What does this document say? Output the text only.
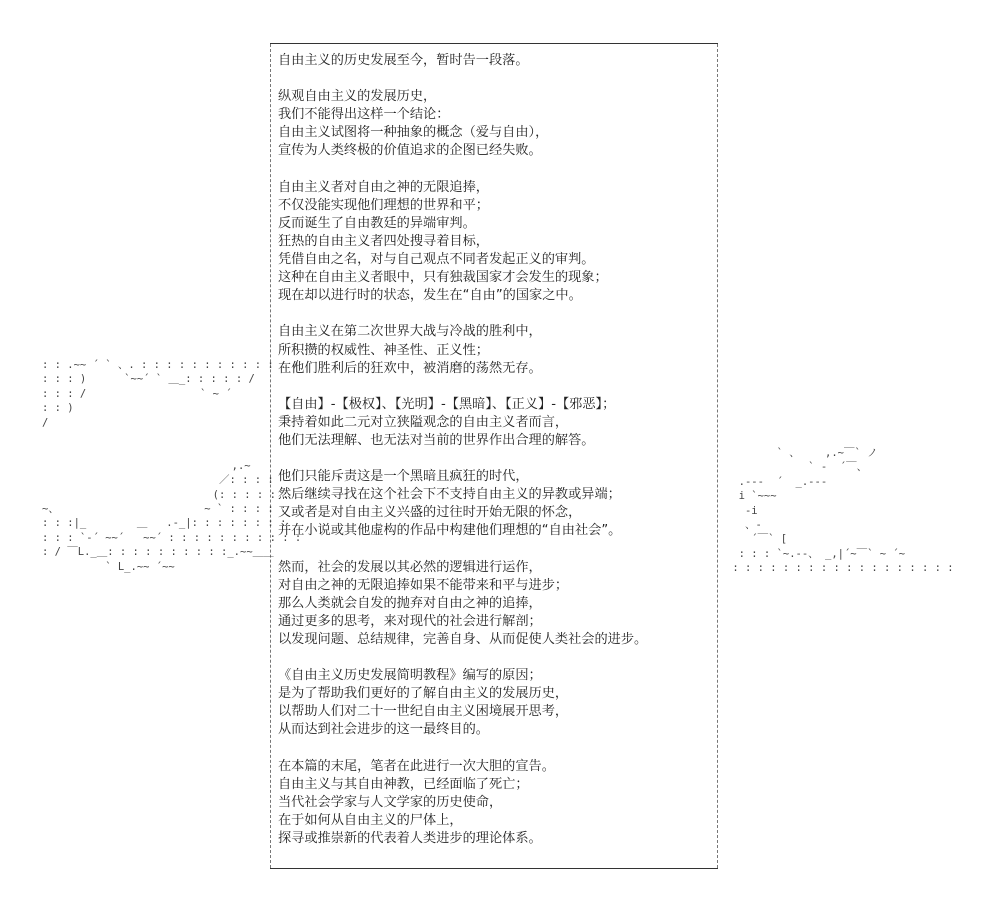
自由主义的历史发展至今，暂时告一段落。
纵观自由主义的发展历史，
我们不能得出这样一个结论：
自由主义试图将一种抽象的概念（爱与自由），
宣传为人类终极的价值追求的企图已经失败。
自由主义者对自由之神的无限追捧，
不仅没能实现他们理想的世界和平；
反而诞生了自由教廷的异端审判。
狂热的自由主义者四处搜寻着目标，
凭借自由之名，对与自己观点不同者发起正义的审判。
这种在自由主义者眼中，只有独裁国家才会发生的现象；
现在却以进行时的状态，发生在“自由”的国家之中。
自由主义在第二次世界大战与冷战的胜利中，
所积攒的权威性、神圣性、正义性；
在他们胜利后的狂欢中，被消磨的荡然无存。
【自由】-【极权】、【光明】-【黑暗】、【正义】-【邪恶】；
秉持着如此二元对立狭隘观念的自由主义者而言，
他们无法理解、也无法对当前的世界作出合理的解答。
他们只能斥责这是一个黑暗且疯狂的时代，
然后继续寻找在这个社会下不支持自由主义的异教或异端；
又或者是对自由主义兴盛的过往时开始无限的怀念，
并在小说或其他虚构的作品中构建他们理想的“自由社会”。
然而，社会的发展以其必然的逻辑进行运作，
对自由之神的无限追捧如果不能带来和平与进步；
那么人类就会自发的抛弃对自由之神的追捧，
通过更多的思考，来对现代的社会进行解剖；
以发现问题、总结规律，完善自身、从而促使人类社会的进步。
《自由主义历史发展简明教程》编写的原因；
是为了帮助我们更好的了解自由主义的发展历史，
以帮助人们对二十一世纪自由主义困境展开思考，
从而达到社会进步的这一最终目的。
在本篇的末尾，笔者在此进行一次大胆的宣告。
自由主义与其自由神教，已经面临了死亡；
当代社会学家与人文学家的历史使命，
在于如何从自由主义的尸体上，
探寻或推崇新的代表着人类进步的理论体系。
: : .~~ ´ ` 、. : : : : : : : : : : : : /
: : : )      `~~´ ` ＿_: : : : : /
: : : /                  ` ~ ´
: : )
/

,.~
／: : : :
(: : : : : :
~、                       ~ ` : : : : :
: : :|_        ＿   .-_|: : : : : : : :
: : : `-´ ~~´   ~~´ : : : : : : : : : : :
: / ￣L._＿: : : : : : : : : :_.~~＿＿
` L_.~~ ´~~
` 、    ,.~￣` ノ
` -  ´￣、
.---  ´  _.---
i `~~~
-i
、-
´￣` [
: : : `~.--、 _,|´~￣` ~ ´~
: : : : : : : : : : : : : : : : : :
